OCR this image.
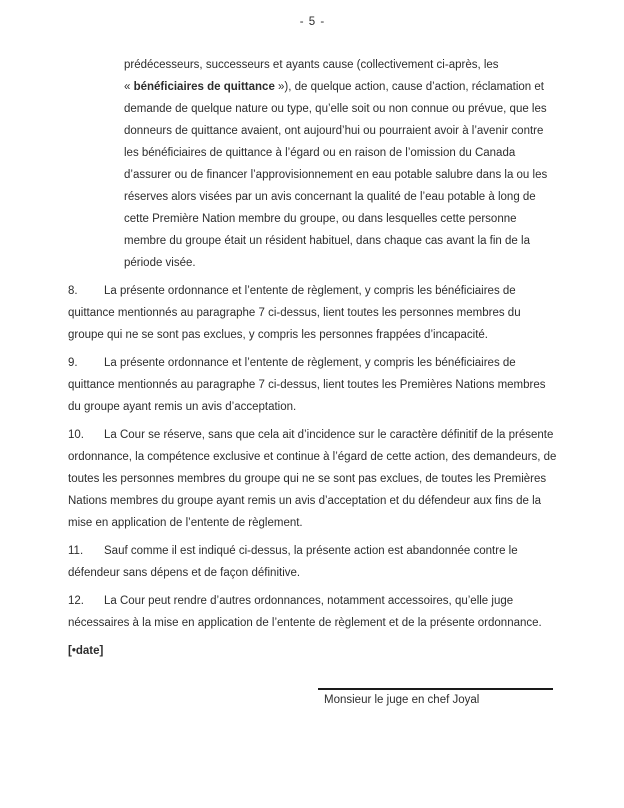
- 5 -

prédécesseurs, successeurs et ayants cause (collectivement ci-après, les « bénéficiaires de quittance »), de quelque action, cause d’action, réclamation et demande de quelque nature ou type, qu’elle soit ou non connue ou prévue, que les donneurs de quittance avaient, ont aujourd’hui ou pourraient avoir à l’avenir contre les bénéficiaires de quittance à l’égard ou en raison de l’omission du Canada d’assurer ou de financer l’approvisionnement en eau potable salubre dans la ou les réserves alors visées par un avis concernant la qualité de l’eau potable à long de cette Première Nation membre du groupe, ou dans lesquelles cette personne membre du groupe était un résident habituel, dans chaque cas avant la fin de la période visée.

8. La présente ordonnance et l’entente de règlement, y compris les bénéficiaires de quittance mentionnés au paragraphe 7 ci-dessus, lient toutes les personnes membres du groupe qui ne se sont pas exclues, y compris les personnes frappées d’incapacité.

9. La présente ordonnance et l’entente de règlement, y compris les bénéficiaires de quittance mentionnés au paragraphe 7 ci-dessus, lient toutes les Premières Nations membres du groupe ayant remis un avis d’acceptation.

10. La Cour se réserve, sans que cela ait d’incidence sur le caractère définitif de la présente ordonnance, la compétence exclusive et continue à l’égard de cette action, des demandeurs, de toutes les personnes membres du groupe qui ne se sont pas exclues, de toutes les Premières Nations membres du groupe ayant remis un avis d’acceptation et du défendeur aux fins de la mise en application de l’entente de règlement.

11. Sauf comme il est indiqué ci-dessus, la présente action est abandonnée contre le défendeur sans dépens et de façon définitive.

12. La Cour peut rendre d’autres ordonnances, notamment accessoires, qu’elle juge nécessaires à la mise en application de l’entente de règlement et de la présente ordonnance.

[•date]

Monsieur le juge en chef Joyal
